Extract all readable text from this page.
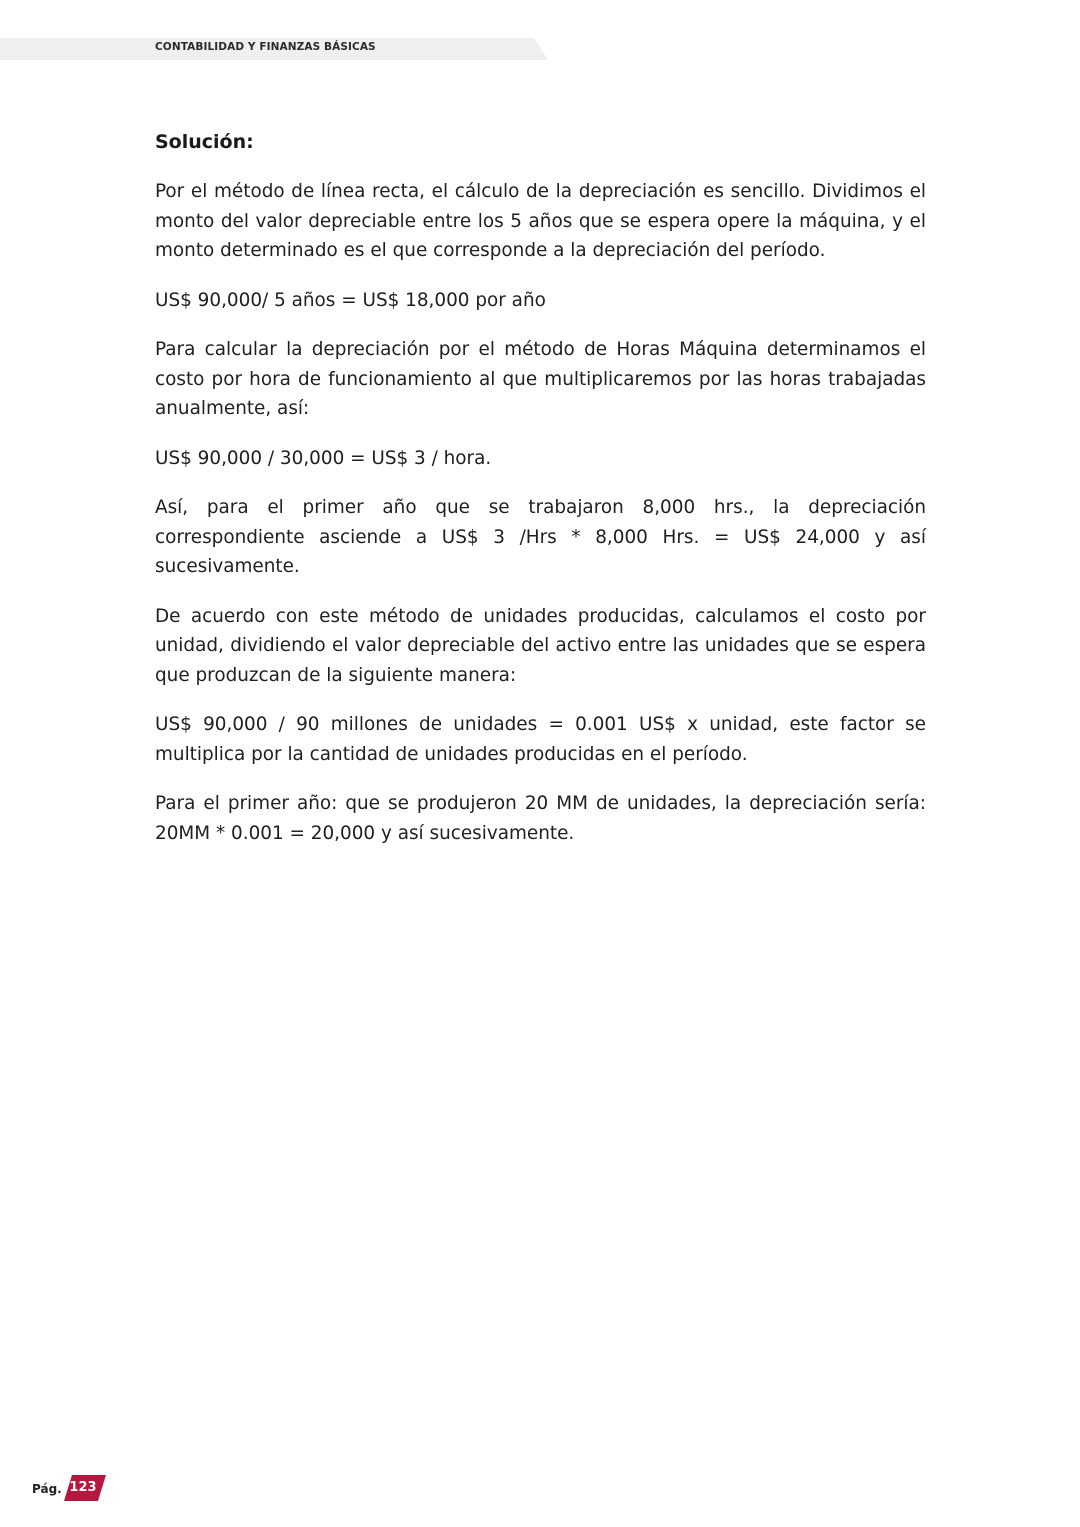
CONTABILIDAD Y FINANZAS BÁSICAS
Solución:

Por el método de línea recta, el cálculo de la depreciación es sencillo. Dividimos el monto del valor depreciable entre los 5 años que se espera opere la máquina, y el monto determinado es el que corresponde a la depreciación del período.

US$ 90,000/ 5 años = US$ 18,000 por año

Para calcular la depreciación por el método de Horas Máquina determinamos el costo por hora de funcionamiento al que multiplicaremos por las horas trabajadas anualmente, así:

US$ 90,000 / 30,000 = US$ 3 / hora.

Así, para el primer año que se trabajaron 8,000 hrs., la depreciación correspondiente asciende a US$ 3 /Hrs * 8,000 Hrs. = US$ 24,000 y así sucesivamente.

De acuerdo con este método de unidades producidas, calculamos el costo por unidad, dividiendo el valor depreciable del activo entre las unidades que se espera que produzcan de la siguiente manera:

US$ 90,000 / 90 millones de unidades = 0.001 US$ x unidad, este factor se multiplica por la cantidad de unidades producidas en el período.

Para el primer año: que se produjeron 20 MM de unidades, la depreciación sería: 20MM * 0.001 = 20,000 y así sucesivamente.

Pág. 123
